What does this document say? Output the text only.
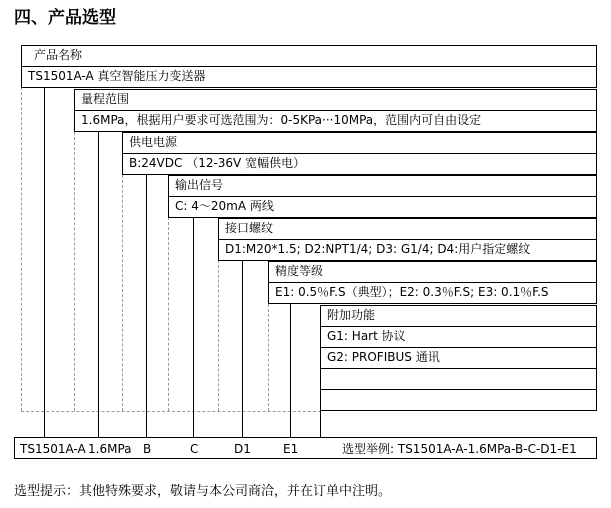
四、产品选型
产品名称
TS1501A-A 真空智能压力变送器
量程范围
1.6MPa，根据用户要求可选范围为：0-5KPa···10MPa，范围内可自由设定
供电电源
B:24VDC （12-36V 宽幅供电）
输出信号
C: 4～20mA 两线
接口螺纹
D1:M20*1.5; D2:NPT1/4; D3: G1/4; D4:用户指定螺纹
精度等级
E1: 0.5％F.S（典型）；E2: 0.3％F.S; E3: 0.1％F.S
附加功能
G1: Hart 协议
G2: PROFIBUS 通讯
TS1501A-A 1.6MPa B	C	D1	E1	选型举例: TS1501A-A-1.6MPa-B-C-D1-E1
选型提示：其他特殊要求，敬请与本公司商洽，并在订单中注明。
